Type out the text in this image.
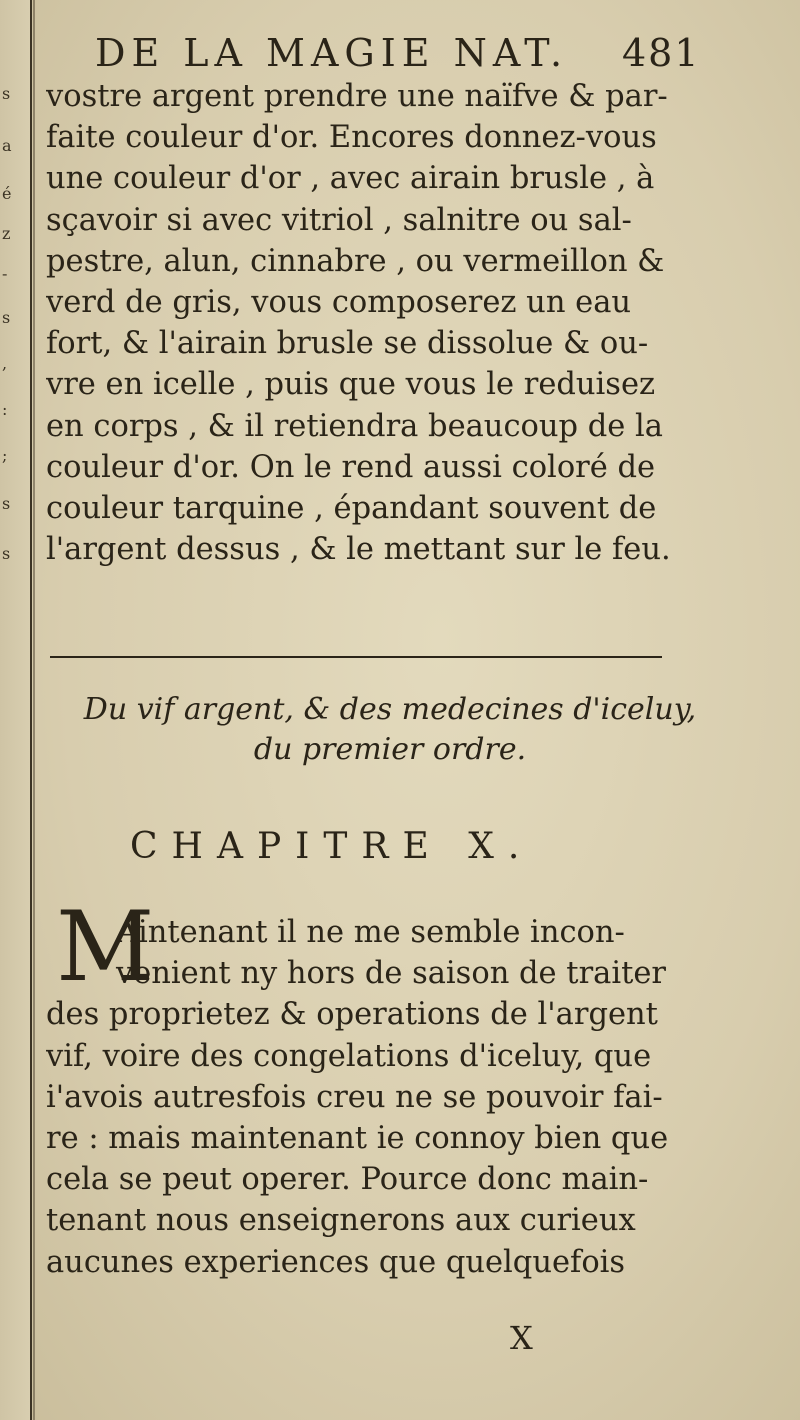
s
a
é
z
-
s
,
:
;
s
s
DE LA MAGIE NAT. 481
vostre argent prendre une naïfve & par-
faite couleur d'or. Encores donnez-vous
une couleur d'or , avec airain brusle , à
sçavoir si avec vitriol , salnitre ou sal-
pestre, alun, cinnabre , ou vermeillon &
verd de gris, vous composerez un eau
fort, & l'airain brusle se dissolue & ou-
vre en icelle , puis que vous le reduisez
en corps , & il retiendra beaucoup de la
couleur d'or. On le rend aussi coloré de
couleur tarquine , épandant souvent de
l'argent dessus , & le mettant sur le feu.
Du vif argent, & des medecines d'iceluy,
du premier ordre.
CHAPITRE X.
M
Aintenant il ne me semble incon-
venient ny hors de saison de traiter
des proprietez & operations de l'argent
vif, voire des congelations d'iceluy, que
i'avois autresfois creu ne se pouvoir fai-
re : mais maintenant ie connoy bien que
cela se peut operer. Pource donc main-
tenant nous enseignerons aux curieux
aucunes experiences que quelquefois
X
